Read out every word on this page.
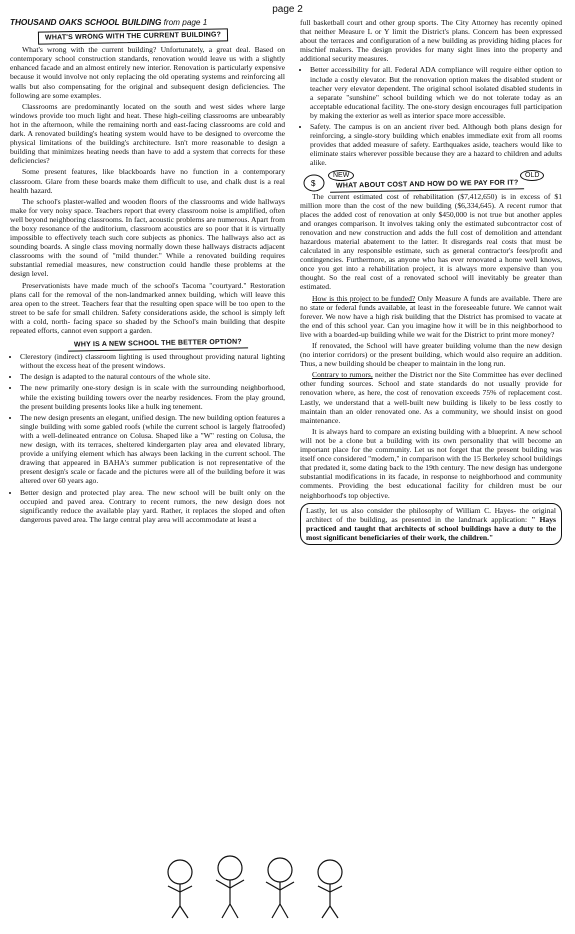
page 2
THOUSAND OAKS SCHOOL BUILDING from page 1
WHAT'S WRONG WITH THE CURRENT BUILDING?

What's wrong with the current building? Unfortunately, a great deal. Based on contemporary school construction standards, renovation would leave us with a slightly enhanced facade and an almost entirely new interior. Renovation is particularly expensive because it would involve not only replacing the old operating systems and reinforcing all walls but also compensating for the original and subsequent design deficiencies. The following are some examples.

Classrooms are predominantly located on the south and west sides where large windows provide too much light and heat. These high-ceiling classrooms are unbearably hot in the afternoon, while the remaining north and east-facing classrooms are cold and dark. A renovated building's heating system would have to be designed to overcome the physical limitations of the building's architecture. Isn't more reasonable to design a building that minimizes heating needs than have to add a system that corrects for these deficiencies?

Some present features, like blackboards have no function in a contemporary classroom. Glare from these boards make them difficult to use, and chalk dust is a real health hazard.

The school's plaster-walled and wooden floors of the classrooms and wide hallways make for very noisy space. Teachers report that every classroom noise is amplified, often well beyond neighboring classrooms. In fact, acoustic problems are numerous. Apart from the boxy resonance of the auditorium, classroom acoustics are so poor that it is virtually impossible to effectively teach such core subjects as phonics. The hallways also act as sounding boards. A single class moving normally down these hallways distracts adjacent classrooms with the sound of "mild thunder." While a renovated building requires substantial remedial measures, new construction could handle these problems at the design level.

Preservationists have made much of the school's Tacoma "courtyard." Restoration plans call for the removal of the non-landmarked annex building, which will leave this area open to the street. Teachers fear that the resulting open space will be too open to the street to be safe for small children. Safety considerations aside, the school is simply left with a cold, north- facing space so shaded by the School's main building that despite repeated efforts, cannot even support a garden.

WHY IS A NEW SCHOOL THE BETTER OPTION?
• Clerestory (indirect) classroom lighting is used throughout providing natural lighting without the excess heat of the present windows.
• The design is adapted to the natural contours of the whole site.
• The new primarily one-story design is in scale with the surrounding neighborhood, while the existing building towers over the nearby residences. From the play ground, the present building presents looks like a hulk ing tenement.
• The new design presents an elegant, unified design. The new building option features a single building with some gabled roofs (while the current school is largely flatroofed) with a well-delineated entrance on Colusa. Shaped like a "W" resting on Colusa, the new design, with its terraces, sheltered kindergarten play area and elevated library, provide a unifying element which has always been lacking in the current school. The drawing that appeared in BAHA's summer publication is not representative of the present design's scale or facade and the pictures were all of the building before it was altered over 60 years ago.
• Better design and protected play area. The new school will be built only on the occupied and paved area. Contrary to recent rumors, the new design does not significantly reduce the available play yard. Rather, it replaces the sloped and often dangerous paved area. The large central play area will accommodate at least a

full basketball court and other group sports. The City Attorney has recently opined that neither Measure L or Y limit the District's plans. Concern has been expressed about the terraces and configuration of a new building as providing hiding places for mischief makers. The design provides for many sight lines into the property and additional security measures.

• Better accessibility for all. Federal ADA compliance will require either option to include a costly elevator. But the renovation option makes the disabled student or teacher very elevator dependent. The original school isolated disabled students in a separate "sunshine" school building which we do not tolerate today as an acceptable educational facility. The one-story design encourages full participation by making the exterior as well as interior space more accessible.
• Safety. The campus is on an ancient river bed. Although both plans design for reinforcing, a single-story building which enables immediate exit from all rooms provides that added measure of safety. Earthquakes aside, teachers would like to eliminate stairs wherever possible because they are a hazard to children and adults alike.
$
NEW	OLD
WHAT ABOUT COST AND HOW DO WE PAY FOR IT?

The current estimated cost of rehabilitation ($7,412,650) is in excess of $1 million more than the cost of the new building ($6,334,645). A recent rumor that places the added cost of renovation at only $450,000 is not true but another apples and oranges comparison. It involves taking only the estimated subcontractor cost of renovation and new construction and adds the full cost of demolition and attendant hazardous material abatement to the latter. It disregards real costs that must be calculated in any responsible estimate, such as general contractor's fees/profit and contingencies. Furthermore, as anyone who has ever renovated a home well knows, once you get into a rehabilitation project, it is always more expensive than you thought. So the real cost of a renovated school will inevitably be greater than estimated.

How is this project to be funded? Only Measure A funds are available. There are no state or federal funds available, at least in the foreseeable future. We cannot wait forever. We now have a high risk building that the District has promised to vacate at the end of this school year. Can you imagine how it will be in this neighborhood to live with a boarded-up building while we wait for the District to print more money?

If renovated, the School will have greater building volume than the new design (no interior corridors) or the present building, which would also require an addition. Thus, a new building should be cheaper to maintain in the long run.

Contrary to rumors, neither the District nor the Site Committee has ever declined other funding sources. School and state standards do not usually provide for renovation where, as here, the cost of renovation exceeds 75% of replacement cost. Lastly, we understand that a well-built new building is likely to be less costly to maintain than an older renovated one. As a community, we should insist on good maintenance.

It is always hard to compare an existing building with a blueprint. A new school will not be a clone but a building with its own personality that will become an important place for the community. Let us not forget that the present building was itself once considered "modern," in comparison with the 15 Berkeley school buildings that predated it, some dating back to the 19th century. The new design has undergone substantial modifications in its facade, in response to neighborhood and community comments. Providing the best educational facility for children must be our neighborhood's top objective.

Lastly, let us also consider the philosophy of William C. Hayes- the original architect of the building, as presented in the landmark application: " Hays practiced and taught that architects of school buildings have a duty to the most significant beneficiaries of their work, the children."
